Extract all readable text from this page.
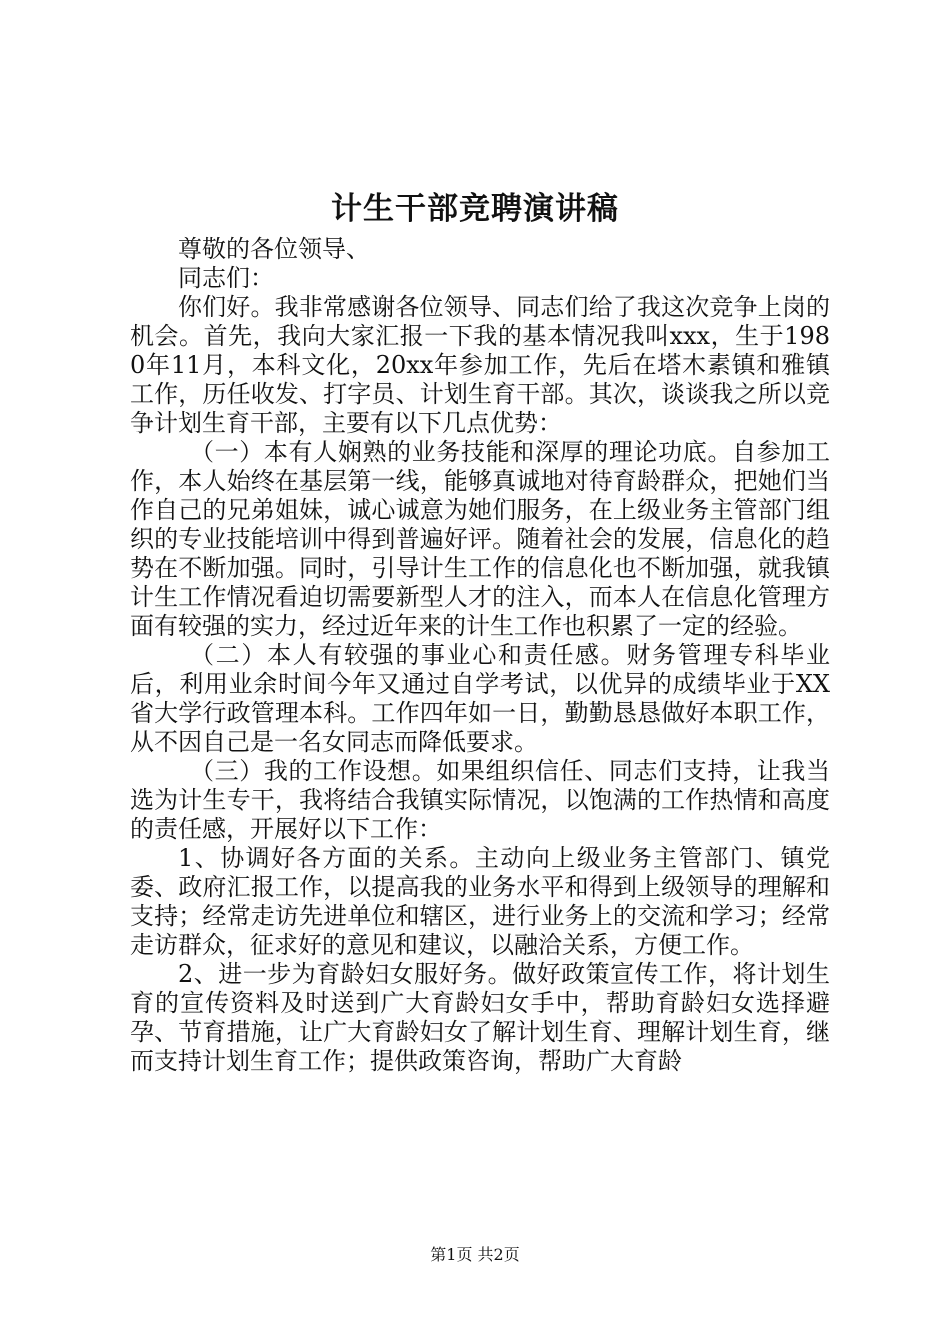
计生干部竞聘演讲稿

尊敬的各位领导、

同志们：

你们好。我非常感谢各位领导、同志们给了我这次竞争上岗的机会。首先，我向大家汇报一下我的基本情况我叫xxx，生于1980年11月，本科文化，20xx年参加工作，先后在塔木素镇和雅镇工作，历任收发、打字员、计划生育干部。其次，谈谈我之所以竞争计划生育干部，主要有以下几点优势：

（一）本有人娴熟的业务技能和深厚的理论功底。自参加工作，本人始终在基层第一线，能够真诚地对待育龄群众，把她们当作自己的兄弟姐妹，诚心诚意为她们服务，在上级业务主管部门组织的专业技能培训中得到普遍好评。随着社会的发展，信息化的趋势在不断加强。同时，引导计生工作的信息化也不断加强，就我镇计生工作情况看迫切需要新型人才的注入，而本人在信息化管理方面有较强的实力，经过近年来的计生工作也积累了一定的经验。

（二）本人有较强的事业心和责任感。财务管理专科毕业后，利用业余时间今年又通过自学考试，以优异的成绩毕业于XX省大学行政管理本科。工作四年如一日，勤勤恳恳做好本职工作，从不因自己是一名女同志而降低要求。

（三）我的工作设想。如果组织信任、同志们支持，让我当选为计生专干，我将结合我镇实际情况，以饱满的工作热情和高度的责任感，开展好以下工作：

1、协调好各方面的关系。主动向上级业务主管部门、镇党委、政府汇报工作，以提高我的业务水平和得到上级领导的理解和支持；经常走访先进单位和辖区，进行业务上的交流和学习；经常走访群众，征求好的意见和建议，以融洽关系，方便工作。

2、进一步为育龄妇女服好务。做好政策宣传工作，将计划生育的宣传资料及时送到广大育龄妇女手中，帮助育龄妇女选择避孕、节育措施，让广大育龄妇女了解计划生育、理解计划生育，继而支持计划生育工作；提供政策咨询，帮助广大育龄

第1页 共2页
